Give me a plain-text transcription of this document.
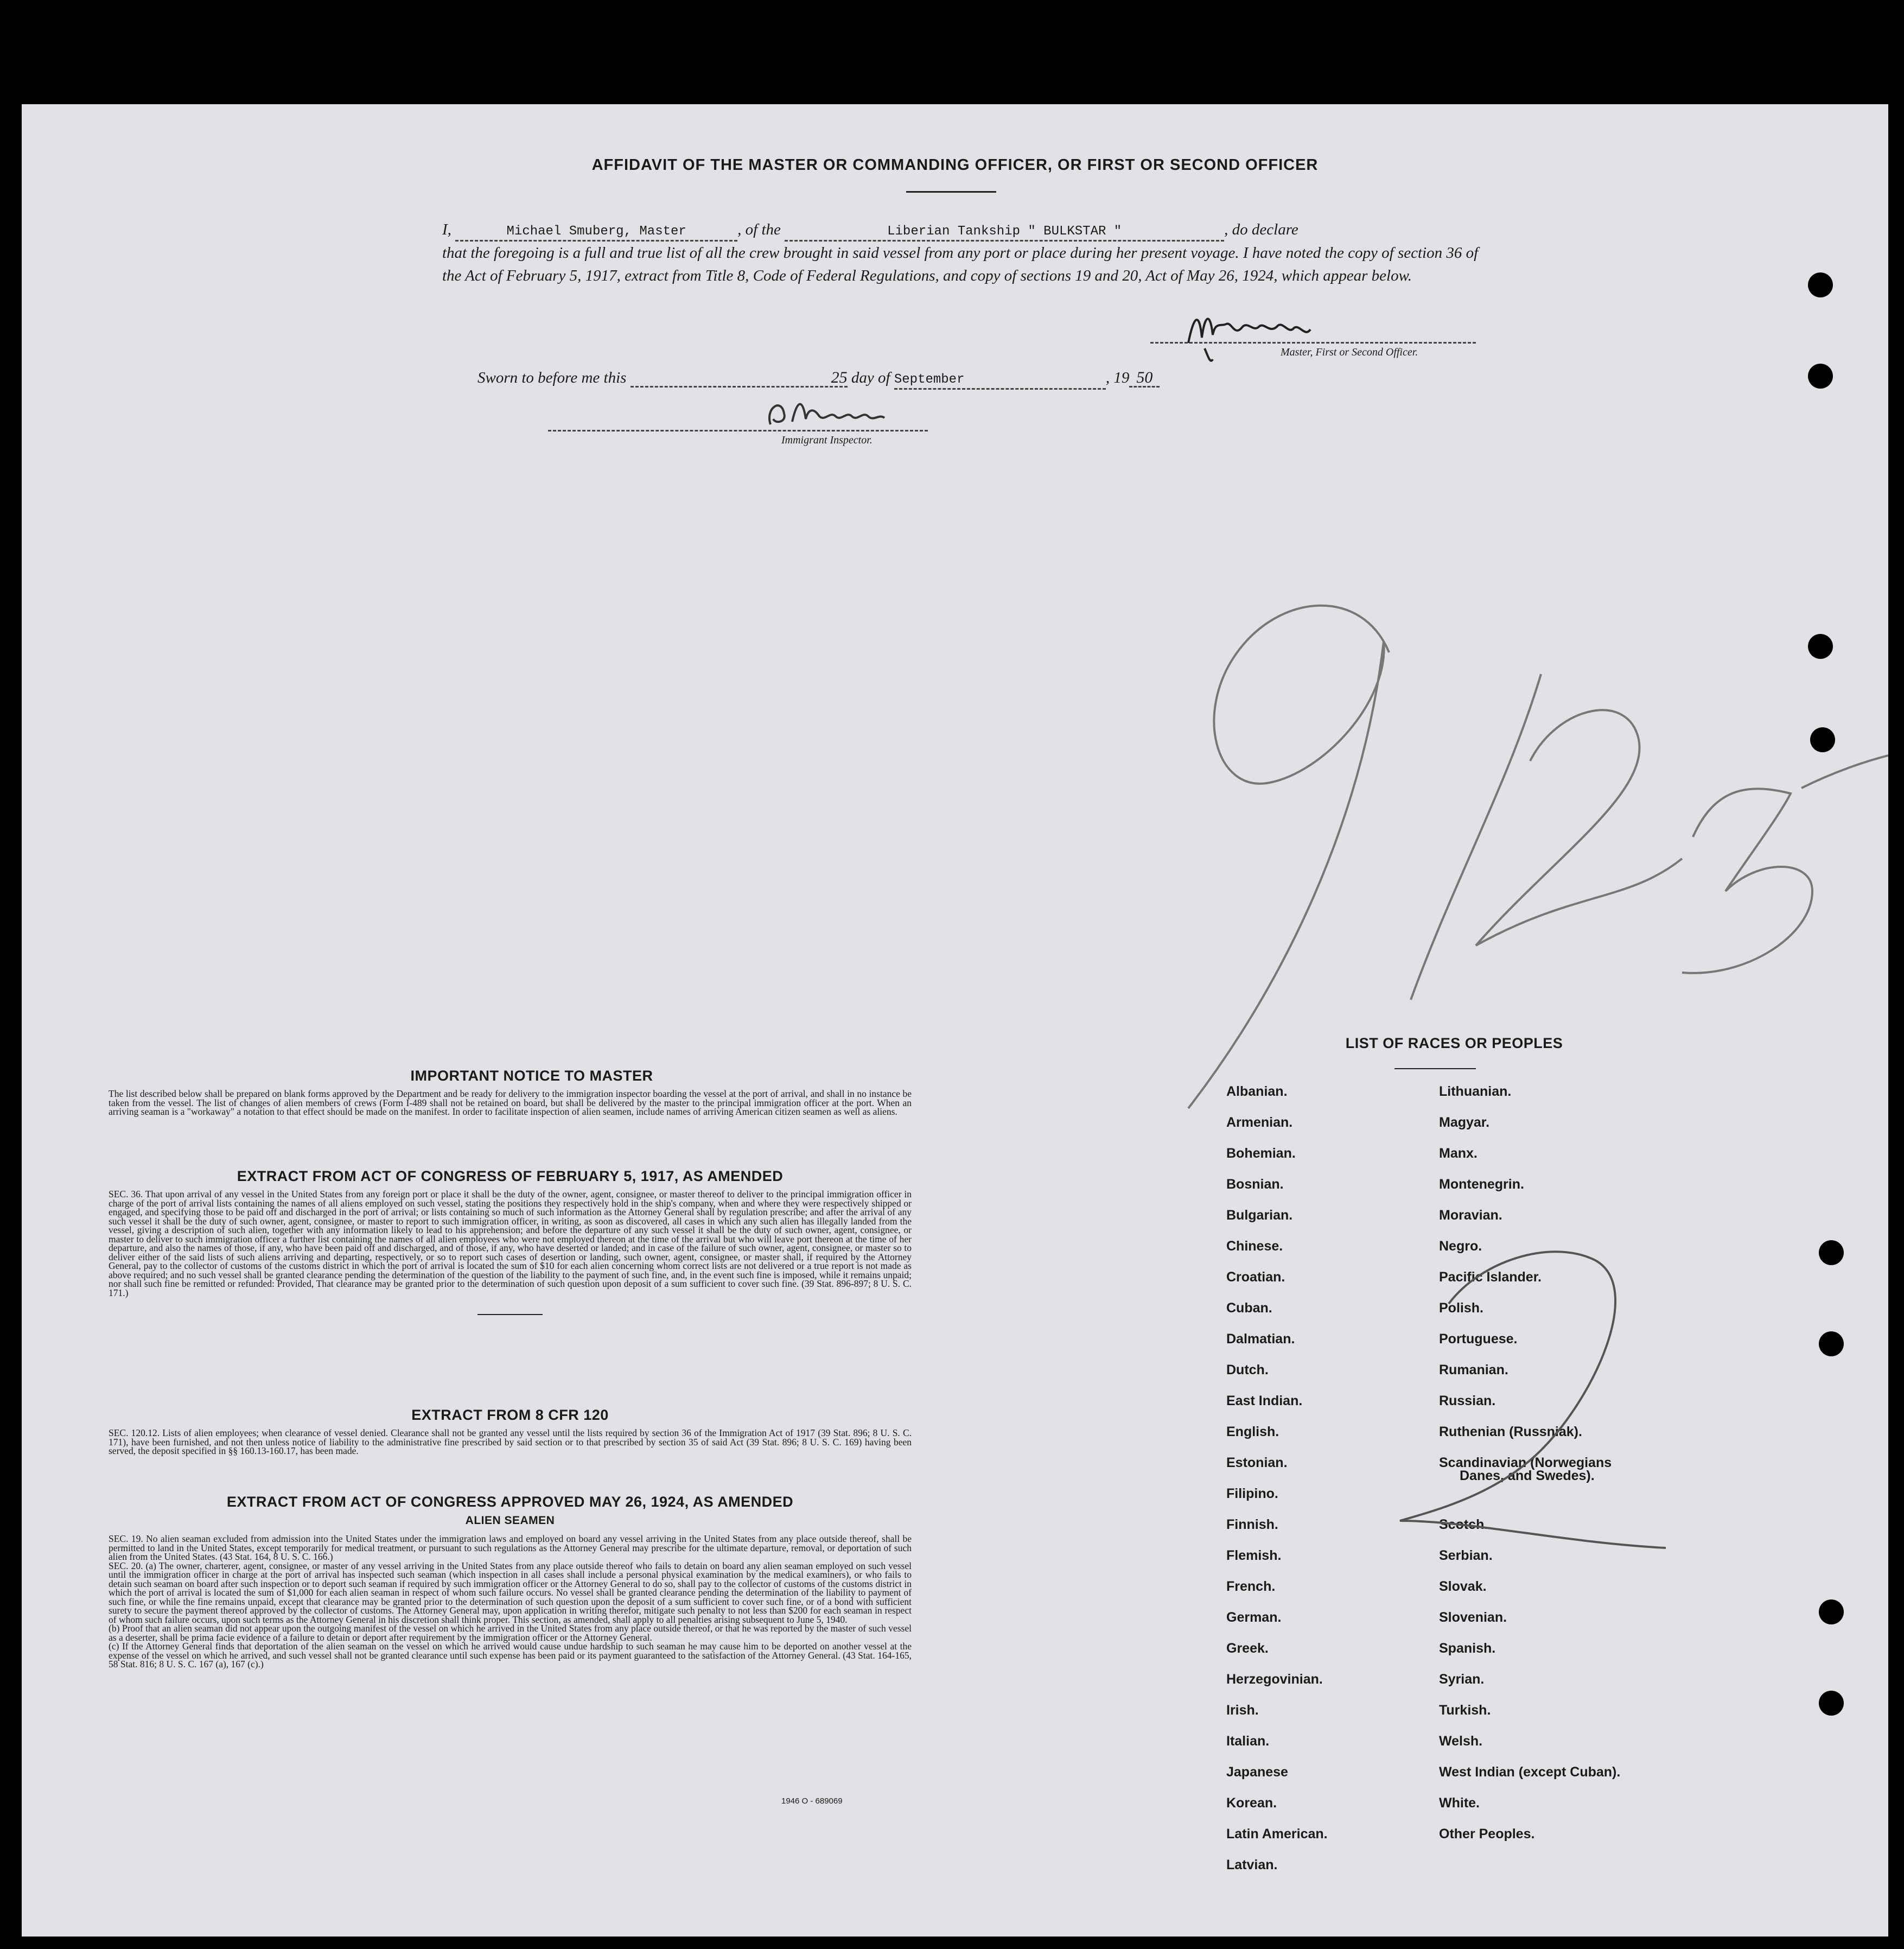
AFFIDAVIT OF THE MASTER OR COMMANDING OFFICER, OR FIRST OR SECOND OFFICER
I,	Michael Smuberg, Master	, of the	Liberian Tankship " BULKSTAR "	, do declare
that the foregoing is a full and true list of all the crew brought in said vessel from any port or place during her present voyage. I have noted the copy of section 36 of the Act of February 5, 1917, extract from Title 8, Code of Federal Regulations, and copy of sections 19 and 20, Act of May 26, 1924, which appear below.
Master, First or Second Officer.
Sworn to before me this	25 day of September	, 19 50
Immigrant Inspector.
IMPORTANT NOTICE TO MASTER
The list described below shall be prepared on blank forms approved by the Department and be ready for delivery to the immigration inspector boarding the vessel at the port of arrival, and shall in no instance be taken from the vessel. The list of changes of alien members of crews (Form I-489 shall not be retained on board, but shall be delivered by the master to the principal immigration officer at the port. When an arriving seaman is a "workaway" a notation to that effect should be made on the manifest. In order to facilitate inspection of alien seamen, include names of arriving American citizen seamen as well as aliens.
EXTRACT FROM ACT OF CONGRESS OF FEBRUARY 5, 1917, AS AMENDED
SEC. 36. That upon arrival of any vessel in the United States from any foreign port or place it shall be the duty of the owner, agent, consignee, or master thereof to deliver to the principal immigration officer in charge of the port of arrival lists containing the names of all aliens employed on such vessel, stating the positions they respectively hold in the ship's company, when and where they were respectively shipped or engaged, and specifying those to be paid off and discharged in the port of arrival; or lists containing so much of such information as the Attorney General shall by regulation prescribe; and after the arrival of any such vessel it shall be the duty of such owner, agent, consignee, or master to report to such immigration officer, in writing, as soon as discovered, all cases in which any such alien has illegally landed from the vessel, giving a description of such alien, together with any information likely to lead to his apprehension; and before the departure of any such vessel it shall be the duty of such owner, agent, consignee, or master to deliver to such immigration officer a further list containing the names of all alien employees who were not employed thereon at the time of the arrival but who will leave port thereon at the time of her departure, and also the names of those, if any, who have been paid off and discharged, and of those, if any, who have deserted or landed; and in case of the failure of such owner, agent, consignee, or master so to deliver either of the said lists of such aliens arriving and departing, respectively, or so to report such cases of desertion or landing, such owner, agent, consignee, or master shall, if required by the Attorney General, pay to the collector of customs of the customs district in which the port of arrival is located the sum of $10 for each alien concerning whom correct lists are not delivered or a true report is not made as above required; and no such vessel shall be granted clearance pending the determination of the question of the liability to the payment of such fine, and, in the event such fine is imposed, while it remains unpaid; nor shall such fine be remitted or refunded: Provided, That clearance may be granted prior to the determination of such question upon deposit of a sum sufficient to cover such fine. (39 Stat. 896-897; 8 U. S. C. 171.)
EXTRACT FROM 8 CFR 120
SEC. 120.12. Lists of alien employees; when clearance of vessel denied. Clearance shall not be granted any vessel until the lists required by section 36 of the Immigration Act of 1917 (39 Stat. 896; 8 U. S. C. 171), have been furnished, and not then unless notice of liability to the administrative fine prescribed by said section or to that prescribed by section 35 of said Act (39 Stat. 896; 8 U. S. C. 169) having been served, the deposit specified in §§ 160.13-160.17, has been made.
EXTRACT FROM ACT OF CONGRESS APPROVED MAY 26, 1924, AS AMENDED
ALIEN SEAMEN
SEC. 19. No alien seaman excluded from admission into the United States under the immigration laws and employed on board any vessel arriving in the United States from any place outside thereof, shall be permitted to land in the United States, except temporarily for medical treatment, or pursuant to such regulations as the Attorney General may prescribe for the ultimate departure, removal, or deportation of such alien from the United States. (43 Stat. 164, 8 U. S. C. 166.)
SEC. 20. (a) The owner, charterer, agent, consignee, or master of any vessel arriving in the United States from any place outside thereof who fails to detain on board any alien seaman employed on such vessel until the immigration officer in charge at the port of arrival has inspected such seaman (which inspection in all cases shall include a personal physical examination by the medical examiners), or who fails to detain such seaman on board after such inspection or to deport such seaman if required by such immigration officer or the Attorney General to do so, shall pay to the collector of customs of the customs district in which the port of arrival is located the sum of $1,000 for each alien seaman in respect of whom such failure occurs. No vessel shall be granted clearance pending the determination of the liability to payment of such fine, or while the fine remains unpaid, except that clearance may be granted prior to the determination of such question upon the deposit of a sum sufficient to cover such fine, or of a bond with sufficient surety to secure the payment thereof approved by the collector of customs. The Attorney General may, upon application in writing therefor, mitigate such penalty to not less than $200 for each seaman in respect of whom such failure occurs, upon such terms as the Attorney General in his discretion shall think proper. This section, as amended, shall apply to all penalties arising subsequent to June 5, 1940.
(b) Proof that an alien seaman did not appear upon the outgoing manifest of the vessel on which he arrived in the United States from any place outside thereof, or that he was reported by the master of such vessel as a deserter, shall be prima facie evidence of a failure to detain or deport after requirement by the immigration officer or the Attorney General.
(c) If the Attorney General finds that deportation of the alien seaman on the vessel on which he arrived would cause undue hardship to such seaman he may cause him to be deported on another vessel at the expense of the vessel on which he arrived, and such vessel shall not be granted clearance until such expense has been paid or its payment guaranteed to the satisfaction of the Attorney General. (43 Stat. 164-165, 58 Stat. 816; 8 U. S. C. 167 (a), 167 (c).)
1946 O - 689069
LIST OF RACES OR PEOPLES
Albanian.
Armenian.
Bohemian.
Bosnian.
Bulgarian.
Chinese.
Croatian.
Cuban.
Dalmatian.
Dutch.
East Indian.
English.
Estonian.
Filipino.
Finnish.
Flemish.
French.
German.
Greek.
Herzegovinian.
Irish.
Italian.
Japanese
Korean.
Latin American.
Latvian.
Lithuanian.
Magyar.
Manx.
Montenegrin.
Moravian.
Negro.
Pacific Islander.
Polish.
Portuguese.
Rumanian.
Russian.
Ruthenian (Russniak).
Scandinavian (Norwegians
Scotch.
Serbian.
Slovak.
Slovenian.
Spanish.
Syrian.
Turkish.
Welsh.
West Indian (except Cuban).
White.
Other Peoples.
Danes, and Swedes).
